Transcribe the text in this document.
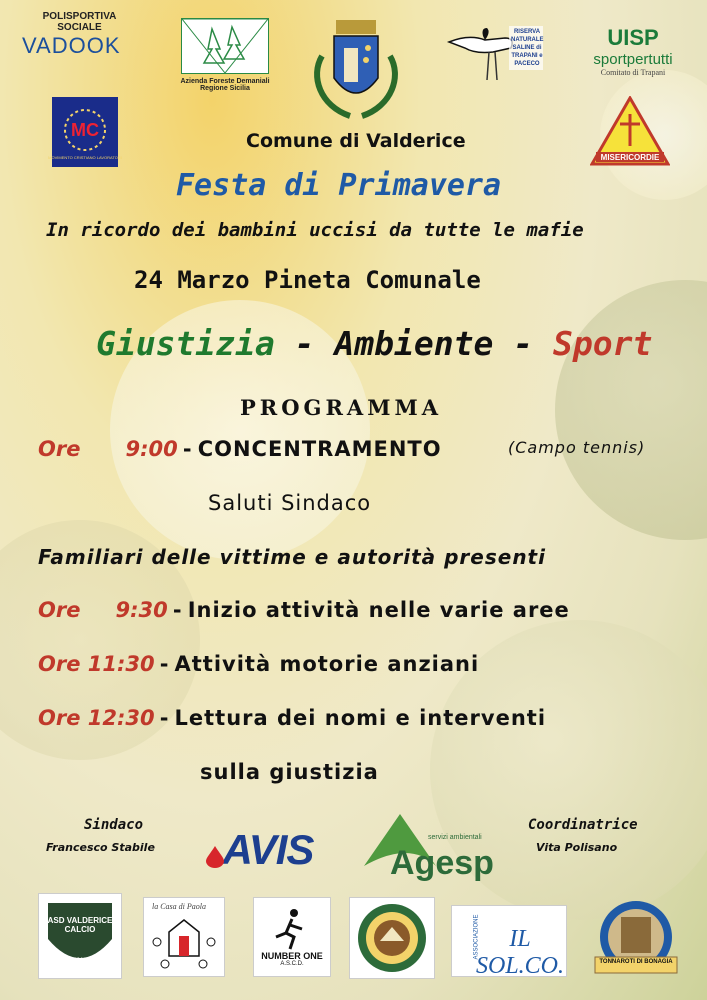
POLISPORTIVA SOCIALE
VADOOK
Azienda Foreste Demaniali
Regione Sicilia
RISERVA NATURALE SALINE di TRAPANI e PACECO
UISP
sportpertutti
Comitato di Trapani
MC
MOVIMENTO CRISTIANO LAVORATORI	MISERICORDIE
Comune di Valderice
Festa di Primavera
In ricordo dei bambini uccisi da tutte le mafie
24 Marzo Pineta Comunale
Giustizia - Ambiente - Sport
PROGRAMMA
Ore 9:00 - CONCENTRAMENTO	(Campo tennis)
Saluti Sindaco
Familiari delle vittime e autorità presenti
Ore 9:30 - Inizio attività nelle varie aree
Ore 11:30 - Attività motorie anziani
Ore 12:30 - Lettura dei nomi e interventi
sulla giustizia
Sindaco
Francesco Stabile AVIS	servizi ambientali
Agesp
Coordinatrice
Vita Polisano
ASD VALDERICE CALCIO
2012
la Casa di Paola
NUMBER ONE
A.S.C.D.
ASSOCIAZIONE	IL SOL.CO.	TONNAROTI DI BONAGIA
